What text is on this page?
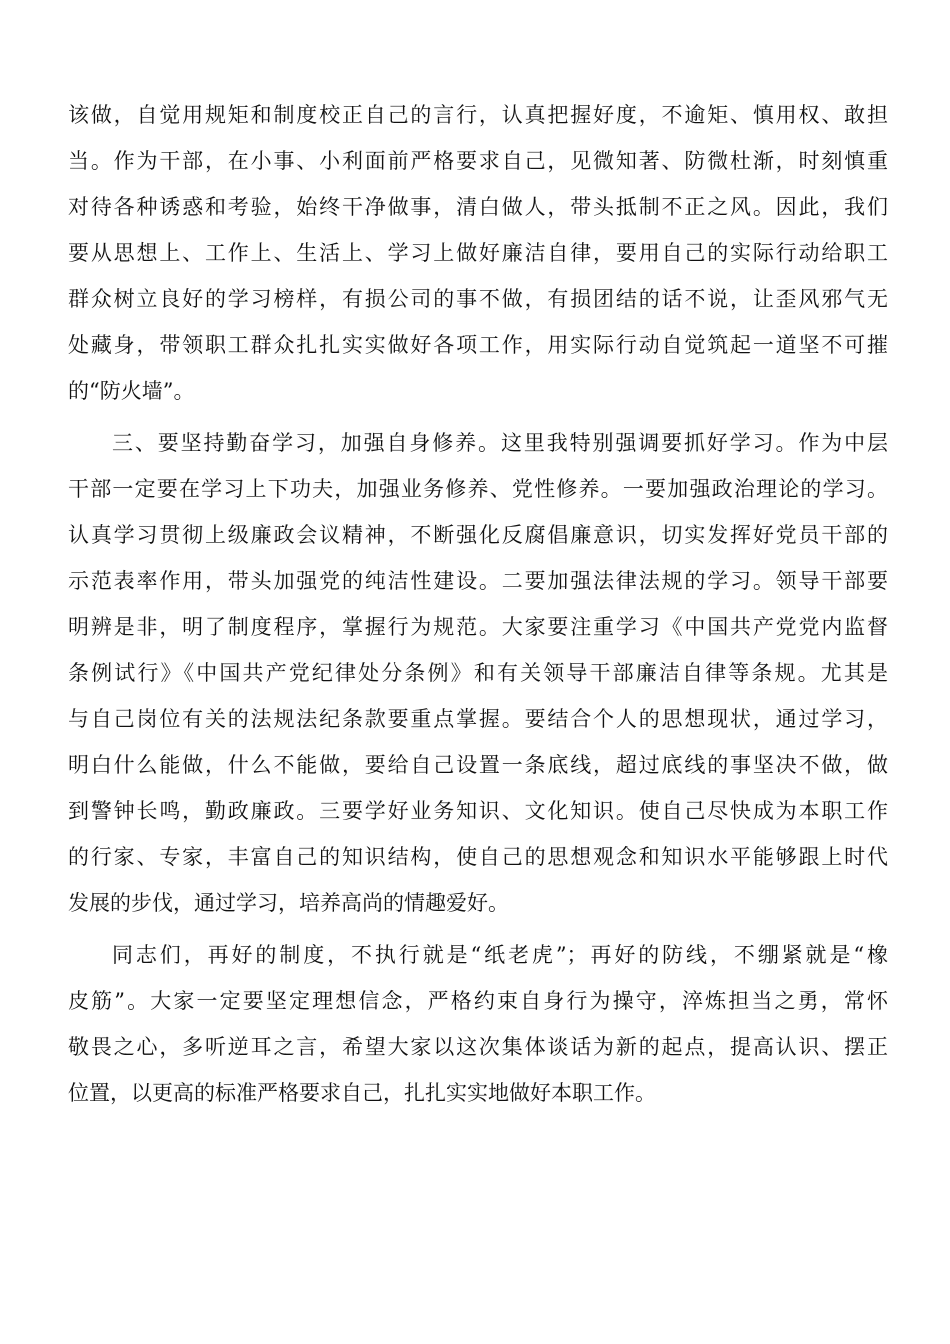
该做，自觉用规矩和制度校正自己的言行，认真把握好度，不逾矩、慎用权、敢担
当。作为干部，在小事、小利面前严格要求自己，见微知著、防微杜渐，时刻慎重
对待各种诱惑和考验，始终干净做事，清白做人，带头抵制不正之风。因此，我们
要从思想上、工作上、生活上、学习上做好廉洁自律，要用自己的实际行动给职工
群众树立良好的学习榜样，有损公司的事不做，有损团结的话不说，让歪风邪气无
处藏身，带领职工群众扎扎实实做好各项工作，用实际行动自觉筑起一道坚不可摧
的“防火墙”。
三、要坚持勤奋学习，加强自身修养。这里我特别强调要抓好学习。作为中层
干部一定要在学习上下功夫，加强业务修养、党性修养。一要加强政治理论的学习。
认真学习贯彻上级廉政会议精神，不断强化反腐倡廉意识，切实发挥好党员干部的
示范表率作用，带头加强党的纯洁性建设。二要加强法律法规的学习。领导干部要
明辨是非，明了制度程序，掌握行为规范。大家要注重学习《中国共产党党内监督
条例试行》《中国共产党纪律处分条例》和有关领导干部廉洁自律等条规。尤其是
与自己岗位有关的法规法纪条款要重点掌握。要结合个人的思想现状，通过学习，
明白什么能做，什么不能做，要给自己设置一条底线，超过底线的事坚决不做，做
到警钟长鸣，勤政廉政。三要学好业务知识、文化知识。使自己尽快成为本职工作
的行家、专家，丰富自己的知识结构，使自己的思想观念和知识水平能够跟上时代
发展的步伐，通过学习，培养高尚的情趣爱好。
同志们，再好的制度，不执行就是“纸老虎”；再好的防线，不绷紧就是“橡
皮筋”。大家一定要坚定理想信念，严格约束自身行为操守，淬炼担当之勇，常怀
敬畏之心，多听逆耳之言，希望大家以这次集体谈话为新的起点，提高认识、摆正
位置，以更高的标准严格要求自己，扎扎实实地做好本职工作。
